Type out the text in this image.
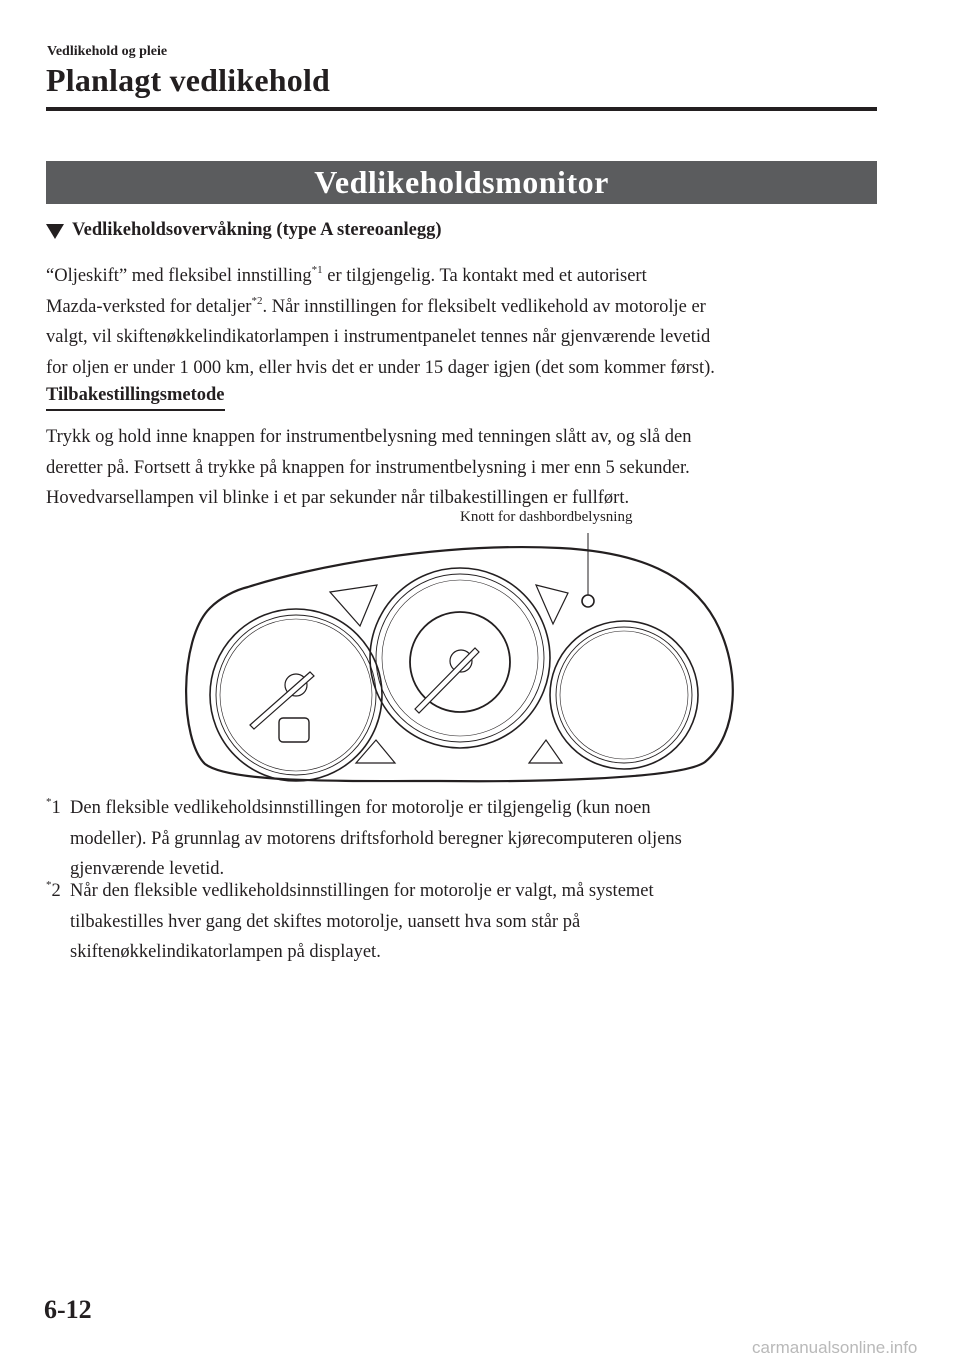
Vedlikehold og pleie
Planlagt vedlikehold
Vedlikeholdsmonitor
Vedlikeholdsovervåkning (type A stereoanlegg)
“Oljeskift” med fleksibel innstilling$^{*1}$ er tilgjengelig. Ta kontakt med et autorisert
Mazda-verksted for detaljer$^{*2}$. Når innstillingen for fleksibelt vedlikehold av motorolje er
valgt, vil skiftenøkkelindikatorlampen i instrumentpanelet tennes når gjenværende levetid
for oljen er under 1 000 km, eller hvis det er under 15 dager igjen (det som kommer først).
Tilbakestillingsmetode
Trykk og hold inne knappen for instrumentbelysning med tenningen slått av, og slå den
deretter på. Fortsett å trykke på knappen for instrumentbelysning i mer enn 5 sekunder.
Hovedvarsellampen vil blinke i et par sekunder når tilbakestillingen er fullført.
Knott for dashbordbelysning
*1 Den fleksible vedlikeholdsinnstillingen for motorolje er tilgjengelig (kun noen
modeller). På grunnlag av motorens driftsforhold beregner kjørecomputeren oljens
gjenværende levetid.
*2 Når den fleksible vedlikeholdsinnstillingen for motorolje er valgt, må systemet
tilbakestilles hver gang det skiftes motorolje, uansett hva som står på
skiftenøkkelindikatorlampen på displayet.
6-12
carmanualsonline.info
